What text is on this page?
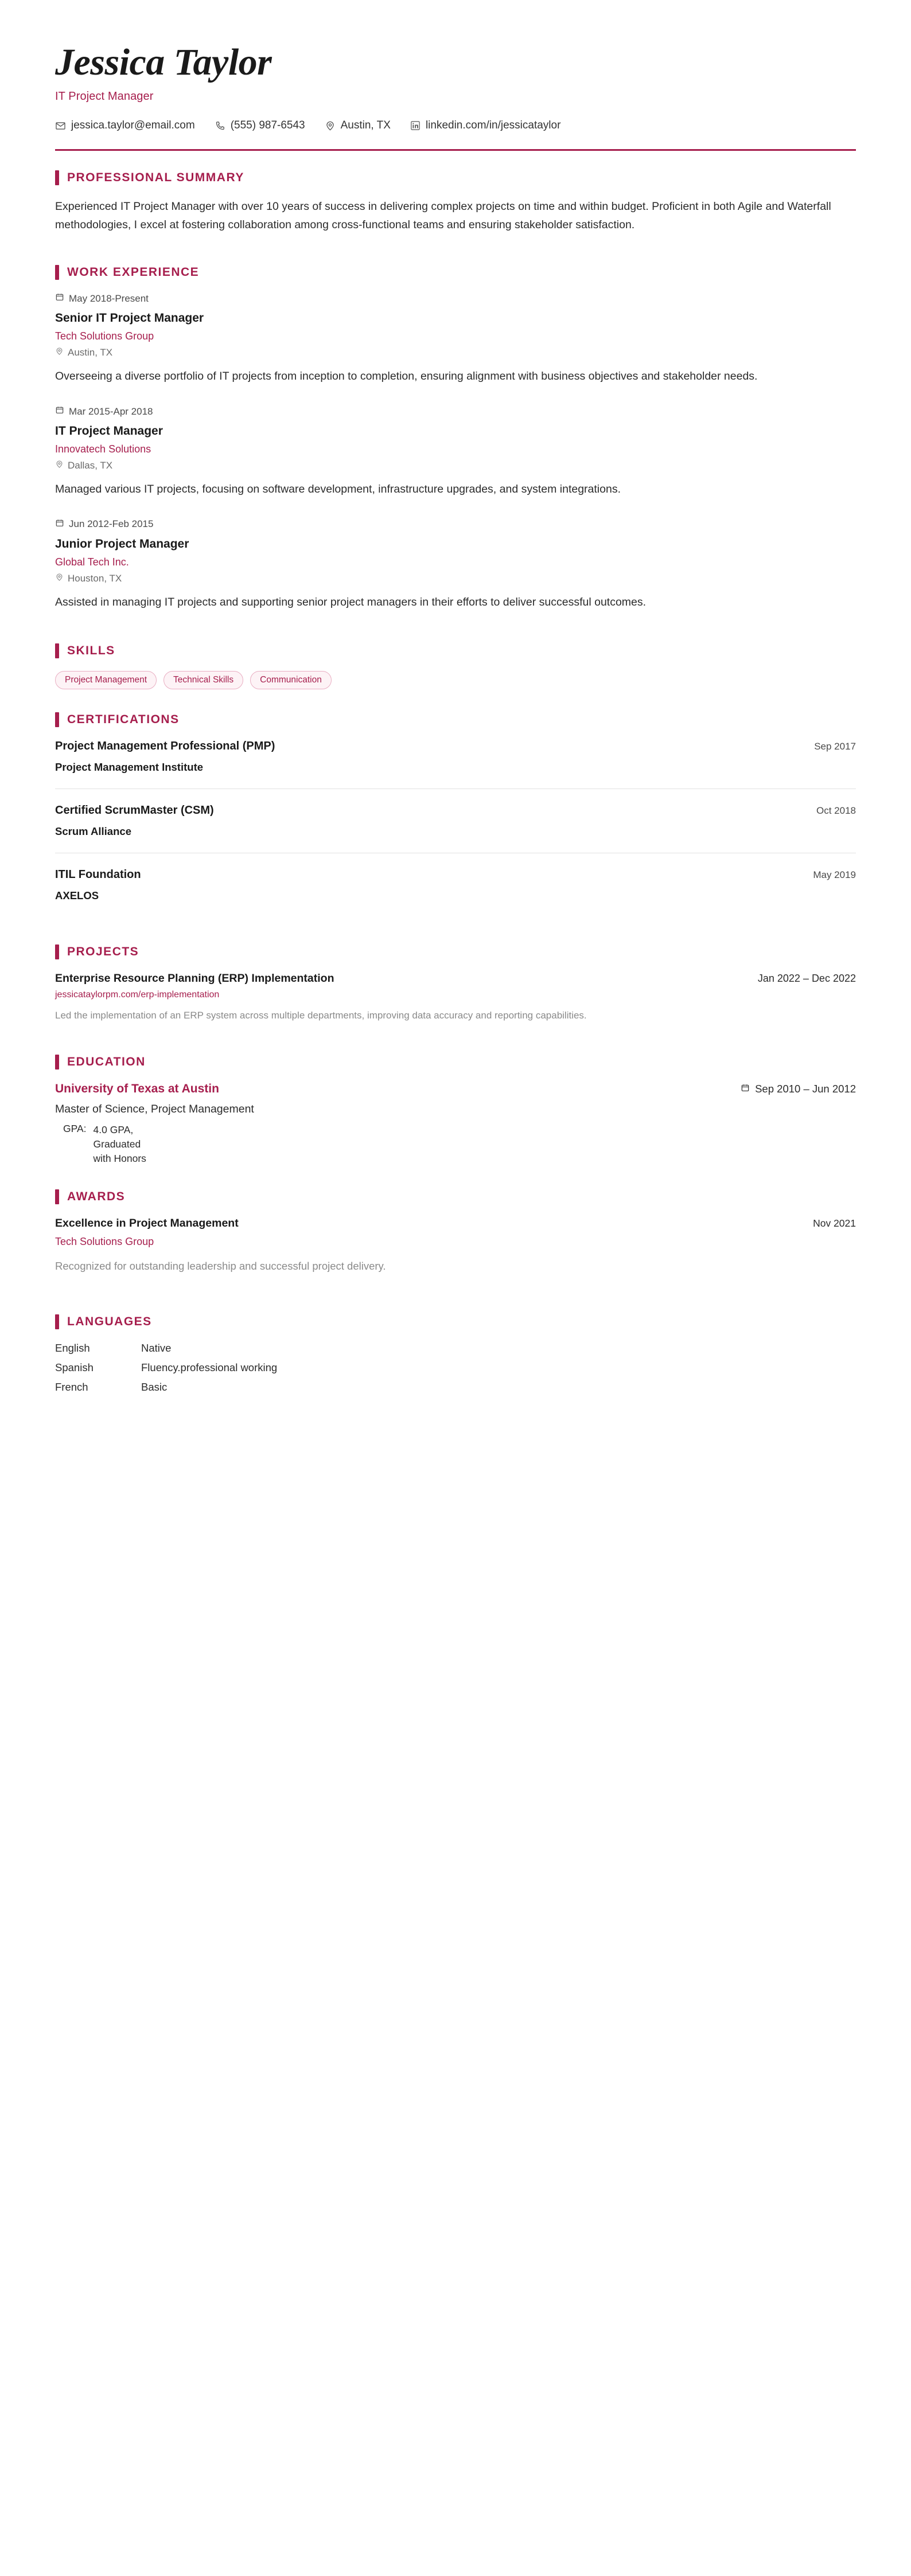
Jessica Taylor
IT Project Manager
jessica.taylor@email.com	(555) 987-6543	Austin, TX	linkedin.com/in/jessicataylor
PROFESSIONAL SUMMARY
Experienced IT Project Manager with over 10 years of success in delivering complex projects on time and within budget. Proficient in both Agile and Waterfall methodologies, I excel at fostering collaboration among cross-functional teams and ensuring stakeholder satisfaction.
WORK EXPERIENCE
May 2018-Present
Senior IT Project Manager
Tech Solutions Group
Austin, TX
Overseeing a diverse portfolio of IT projects from inception to completion, ensuring alignment with business objectives and stakeholder needs.
Mar 2015-Apr 2018
IT Project Manager
Innovatech Solutions
Dallas, TX
Managed various IT projects, focusing on software development, infrastructure upgrades, and system integrations.
Jun 2012-Feb 2015
Junior Project Manager
Global Tech Inc.
Houston, TX
Assisted in managing IT projects and supporting senior project managers in their efforts to deliver successful outcomes.
SKILLS
Project Management	Technical Skills	Communication
CERTIFICATIONS
Project Management Professional (PMP)	Sep 2017
Project Management Institute
Certified ScrumMaster (CSM)	Oct 2018
Scrum Alliance
ITIL Foundation	May 2019
AXELOS
PROJECTS
Enterprise Resource Planning (ERP) Implementation	Jan 2022 – Dec 2022
jessicataylorpm.com/erp-implementation
Led the implementation of an ERP system across multiple departments, improving data accuracy and reporting capabilities.
EDUCATION
University of Texas at Austin	Sep 2010 – Jun 2012
Master of Science, Project Management
GPA: 4.0 GPA,
Graduated
with Honors
AWARDS
Excellence in Project Management	Nov 2021
Tech Solutions Group
Recognized for outstanding leadership and successful project delivery.
LANGUAGES
English	Native
Spanish	Fluency.professional working
French	Basic
